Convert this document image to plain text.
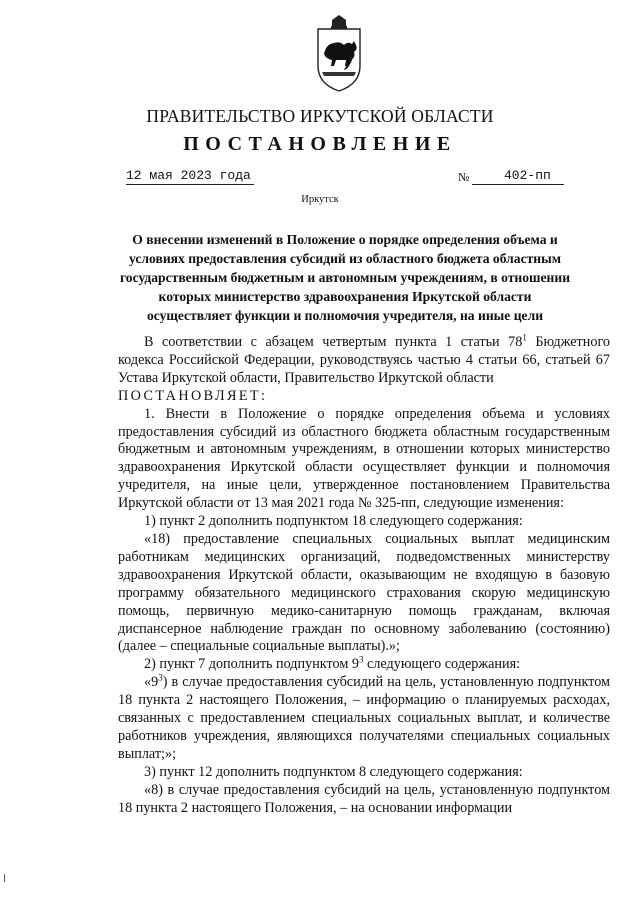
ПРАВИТЕЛЬСТВО ИРКУТСКОЙ ОБЛАСТИ
ПОСТАНОВЛЕНИЕ
12 мая 2023 года	№	402-пп
Иркутск
О внесении изменений в Положение о порядке определения объема и
условиях предоставления субсидий из областного бюджета областным
государственным бюджетным и автономным учреждениям, в отношении
которых министерство здравоохранения Иркутской области
осуществляет функции и полномочия учредителя, на иные цели

В соответствии с абзацем четвертым пункта 1 статьи $78^1$ Бюджетного кодекса Российской Федерации, руководствуясь частью 4 статьи 66, статьей 67 Устава Иркутской области, Правительство Иркутской области

ПОСТАНОВЛЯЕТ:

1. Внести в Положение о порядке определения объема и условиях предоставления субсидий из областного бюджета областным государственным бюджетным и автономным учреждениям, в отношении которых министерство здравоохранения Иркутской области осуществляет функции и полномочия учредителя, на иные цели, утвержденное постановлением Правительства Иркутской области от 13 мая 2021 года № 325-пп, следующие изменения:

1) пункт 2 дополнить подпунктом 18 следующего содержания:

«18) предоставление специальных социальных выплат медицинским работникам медицинских организаций, подведомственных министерству здравоохранения Иркутской области, оказывающим не входящую в базовую программу обязательного медицинского страхования скорую медицинскую помощь, первичную медико-санитарную помощь гражданам, включая диспансерное наблюдение граждан по основному заболеванию (состоянию) (далее – специальные социальные выплаты).»;

2) пункт 7 дополнить подпунктом $9^3$ следующего содержания:

«$9^3$) в случае предоставления субсидий на цель, установленную подпунктом 18 пункта 2 настоящего Положения, – информацию о планируемых расходах, связанных с предоставлением специальных социальных выплат, и количестве работников учреждения, являющихся получателями специальных социальных выплат;»;

3) пункт 12 дополнить подпунктом 8 следующего содержания:

«8) в случае предоставления субсидий на цель, установленную подпунктом 18 пункта 2 настоящего Положения, – на основании информации
